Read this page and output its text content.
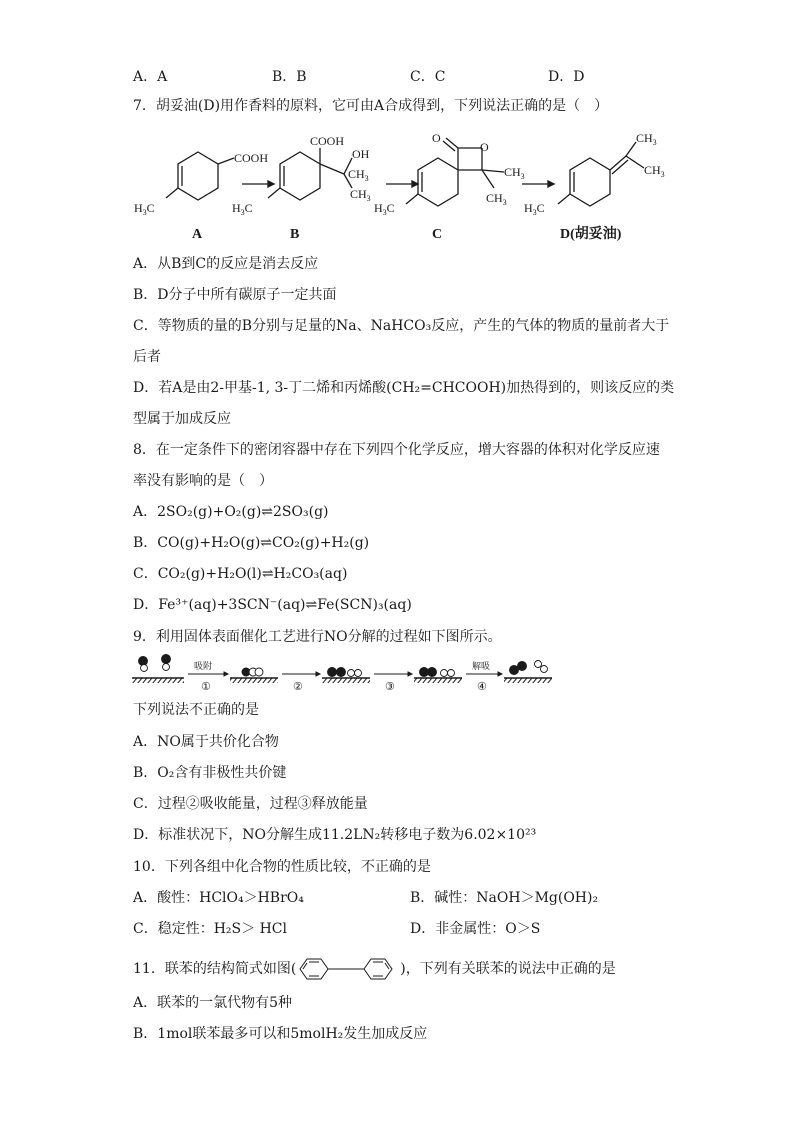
A．A	B．B	C．C	D．D
7．胡妥油(D)用作香料的原料，它可由A合成得到，下列说法正确的是（　）
COOH
$H_3C$
COOH
OH
$CH_3$
$CH_3$
$H_3C$
O
O
$CH_3$
$CH_3$
$H_3C$
$CH_3$
$CH_3$
$H_3C$
A	B	C	D(胡妥油)
A．从B到C的反应是消去反应
B．D分子中所有碳原子一定共面
C．等物质的量的B分别与足量的Na、NaHCO₃反应，产生的气体的物质的量前者大于
后者
D．若A是由2-甲基-1, 3-丁二烯和丙烯酸(CH₂=CHCOOH)加热得到的，则该反应的类
型属于加成反应
8．在一定条件下的密闭容器中存在下列四个化学反应，增大容器的体积对化学反应速
率没有影响的是（　）
A．2SO₂(g)+O₂(g)⇌2SO₃(g)
B．CO(g)+H₂O(g)⇌CO₂(g)+H₂(g)
C．CO₂(g)+H₂O(l)⇌H₂CO₃(aq)
D．Fe³⁺(aq)+3SCN⁻(aq)⇌Fe(SCN)₃(aq)
9．利用固体表面催化工艺进行NO分解的过程如下图所示。
吸附
①	②	③
解吸
④
下列说法不正确的是
A．NO属于共价化合物
B．O₂含有非极性共价键
C．过程②吸收能量，过程③释放能量
D．标准状况下，NO分解生成11.2LN₂转移电子数为6.02×10²³
10．下列各组中化合物的性质比较，不正确的是
A．酸性：HClO₄＞HBrO₄	B．碱性：NaOH＞Mg(OH)₂
C．稳定性：H₂S＞ HCl	D．非金属性：O＞S
11．联苯的结构简式如图(	)，下列有关联苯的说法中正确的是
A．联苯的一氯代物有5种
B．1mol联苯最多可以和5molH₂发生加成反应
